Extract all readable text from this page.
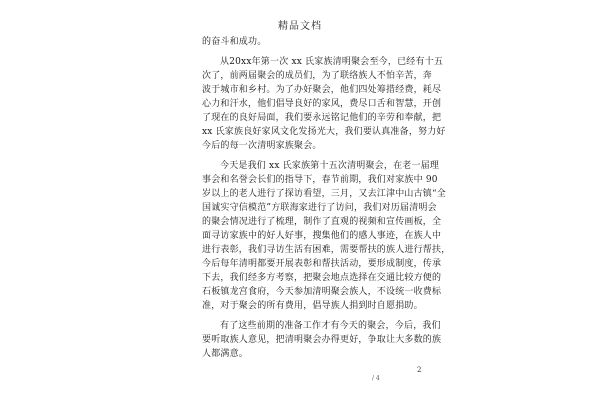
精品文档
的奋斗和成功。
从20xx年第一次 xx 氏家族清明聚会至今，已经有十五
次了，前两届聚会的成员们，为了联络族人不怕辛苦，奔
波于城市和乡村。为了办好聚会，他们四处筹措经费，耗尽
心力和汗水，他们倡导良好的家风，费尽口舌和智慧，开创
了现在的良好局面，我们要永远铭记他们的辛劳和奉献，把
xx 氏家族良好家风文化发扬光大，我们要认真准备，努力好
今后的每一次清明家族聚会。
今天是我们 xx 氏家族第十五次清明聚会，在老一届理
事会和名誉会长们的指导下，春节前期，我们对家族中 90
岁以上的老人进行了探访看望，三月，又去江津中山古镇“全
国诚实守信模范”方联海家进行了访问，我们对历届清明会
的聚会情况进行了梳理，制作了直观的视频和宣传画板，全
面寻访家族中的好人好事，搜集他们的感人事迹，在族人中
进行表彰，我们寻访生活有困难，需要帮扶的族人进行帮扶，
今后每年清明都要开展表彰和帮扶活动，要形成制度，传承
下去，我们经多方考察，把聚会地点选择在交通比较方便的
石板镇龙宫食府，今天参加清明聚会族人，不设统一收费标
准，对于聚会的所有费用，倡导族人捐到时自愿捐助。
有了这些前期的准备工作才有今天的聚会，今后，我们
要听取族人意见，把清明聚会办得更好，争取让大多数的族
人都满意。
2
/ 4
